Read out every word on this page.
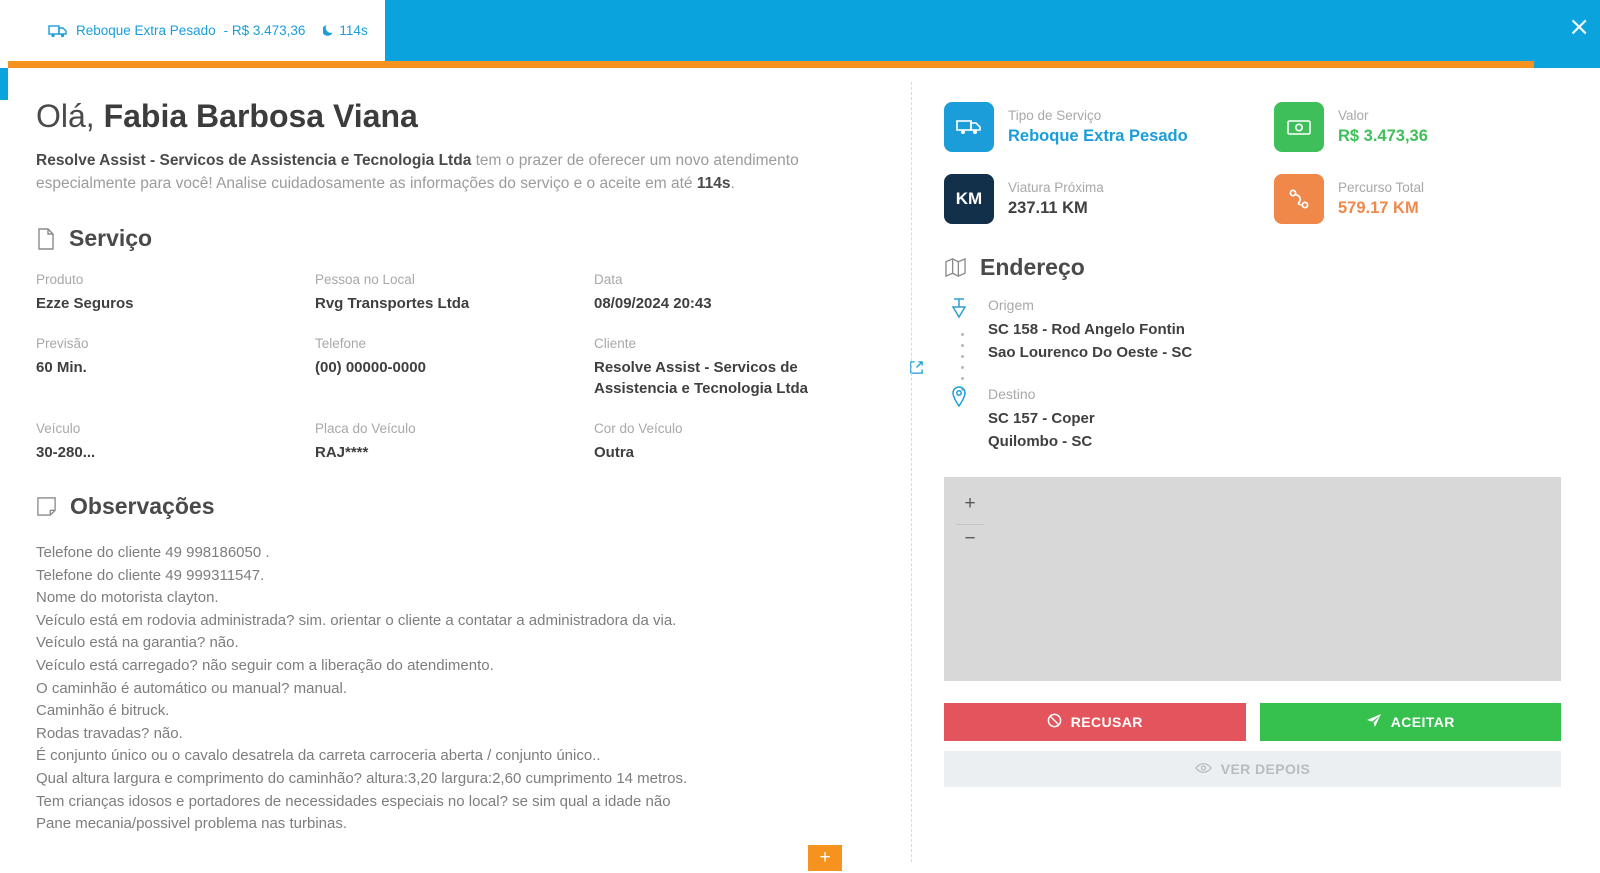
Reboque Extra Pesado - R$ 3.473,36	114s	×
Olá, Fabia Barbosa Viana
Resolve Assist - Servicos de Assistencia e Tecnologia Ltda tem o prazer de oferecer um novo atendimento especialmente para você! Analise cuidadosamente as informações do serviço e o aceite em até 114s.
Serviço
Produto
Ezze Seguros
Pessoa no Local
Rvg Transportes Ltda
Data
08/09/2024 20:43
Previsão
60 Min.
Telefone
(00) 00000-0000
Cliente
Resolve Assist - Servicos de Assistencia e Tecnologia Ltda
Veículo
30-280...
Placa do Veículo
RAJ****
Cor do Veículo
Outra
Observações
Telefone do cliente 49 998186050 .
Telefone do cliente 49 999311547.
Nome do motorista clayton.
Veículo está em rodovia administrada? sim. orientar o cliente a contatar a administradora da via.
Veículo está na garantia? não.
Veículo está carregado? não seguir com a liberação do atendimento.
O caminhão é automático ou manual? manual.
Caminhão é bitruck.
Rodas travadas? não.
É conjunto único ou o cavalo desatrela da carreta carroceria aberta / conjunto único..
Qual altura largura e comprimento do caminhão? altura:3,20 largura:2,60 cumprimento 14 metros.
Tem crianças idosos e portadores de necessidades especiais no local? se sim qual a idade não
Pane mecania/possivel problema nas turbinas.
+
Tipo de Serviço
Reboque Extra Pesado
Valor
R$ 3.473,36
KM
Viatura Próxima
237.11 KM
Percurso Total
579.17 KM
Endereço
Origem
SC 158 - Rod Angelo Fontin
Sao Lourenco Do Oeste - SC
Destino
SC 157 - Coper
Quilombo - SC
+
−
RECUSAR	ACEITAR
VER DEPOIS
